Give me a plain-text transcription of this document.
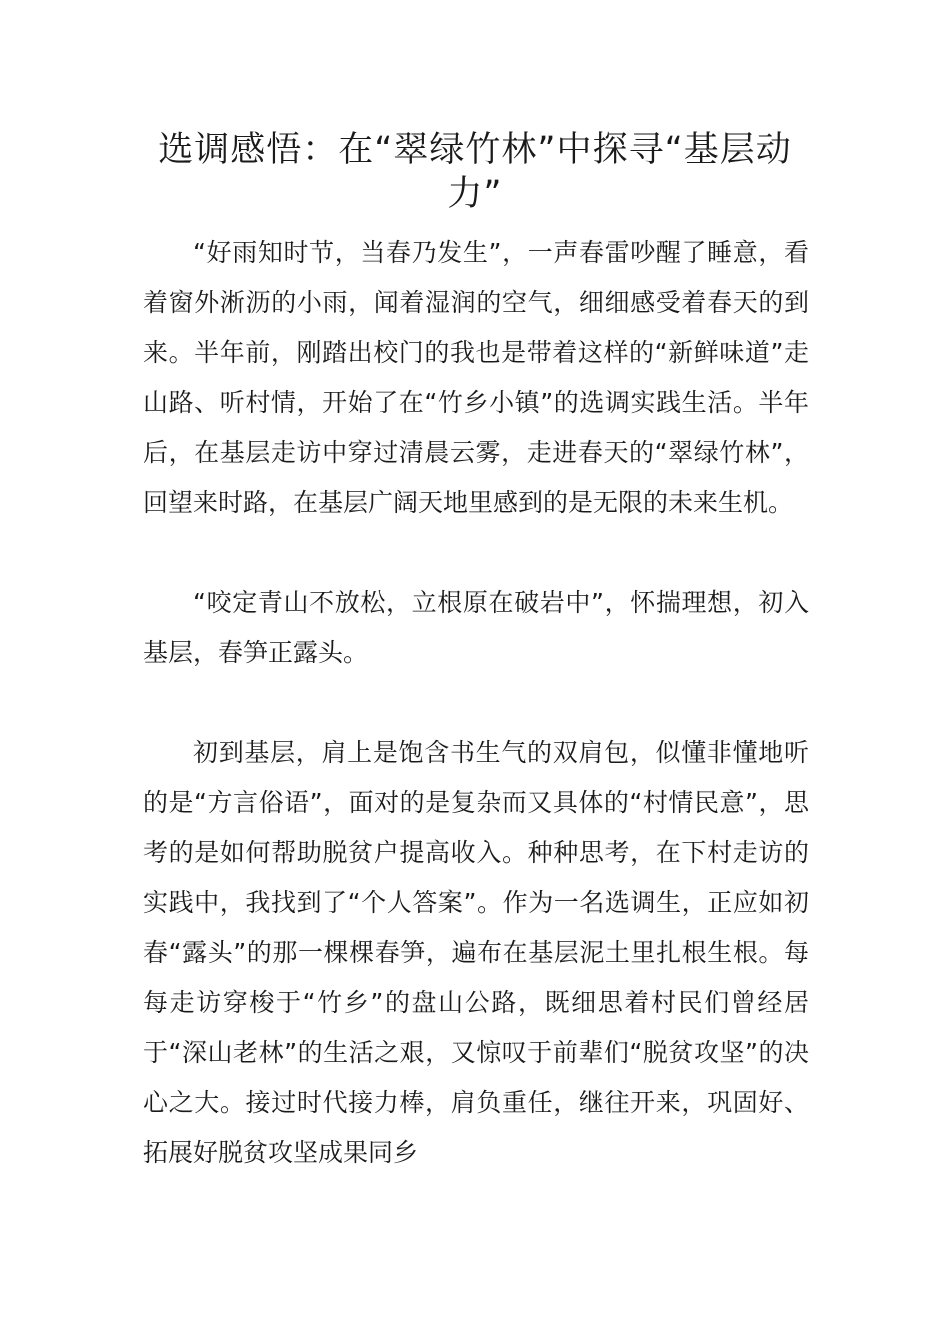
选调感悟：在“翠绿竹林”中探寻“基层动力”

“好雨知时节，当春乃发生”，一声春雷吵醒了睡意，看着窗外淅沥的小雨，闻着湿润的空气，细细感受着春天的到来。半年前，刚踏出校门的我也是带着这样的“新鲜味道”走山路、听村情，开始了在“竹乡小镇”的选调实践生活。半年后，在基层走访中穿过清晨云雾，走进春天的“翠绿竹林”，回望来时路，在基层广阔天地里感到的是无限的未来生机。

“咬定青山不放松，立根原在破岩中”，怀揣理想，初入基层，春笋正露头。

初到基层，肩上是饱含书生气的双肩包，似懂非懂地听的是“方言俗语”，面对的是复杂而又具体的“村情民意”，思考的是如何帮助脱贫户提高收入。种种思考，在下村走访的实践中，我找到了“个人答案”。作为一名选调生，正应如初春“露头”的那一棵棵春笋，遍布在基层泥土里扎根生根。每每走访穿梭于“竹乡”的盘山公路，既细思着村民们曾经居于“深山老林”的生活之艰，又惊叹于前辈们“脱贫攻坚”的决心之大。接过时代接力棒，肩负重任，继往开来，巩固好、拓展好脱贫攻坚成果同乡
